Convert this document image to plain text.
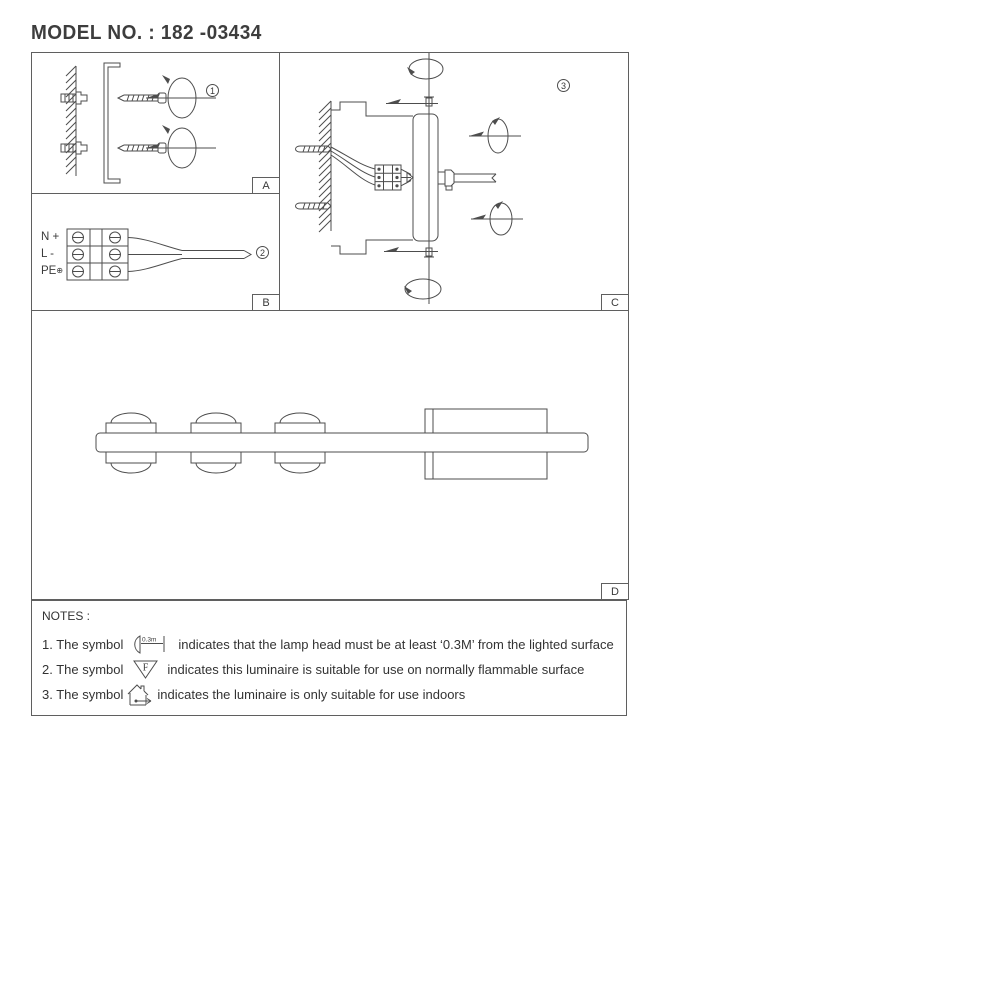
MODEL NO. : 182 -03434
1
A
N +
L -
PE⊕
2
B
3
C
D
NOTES :
1. The symbol	0.3m indicates that the lamp head must be at least ‘0.3M’ from the lighted surface
2. The symbol F indicates this luminaire is suitable for use on normally flammable surface
3. The symbol	indicates the luminaire is only suitable for use indoors
